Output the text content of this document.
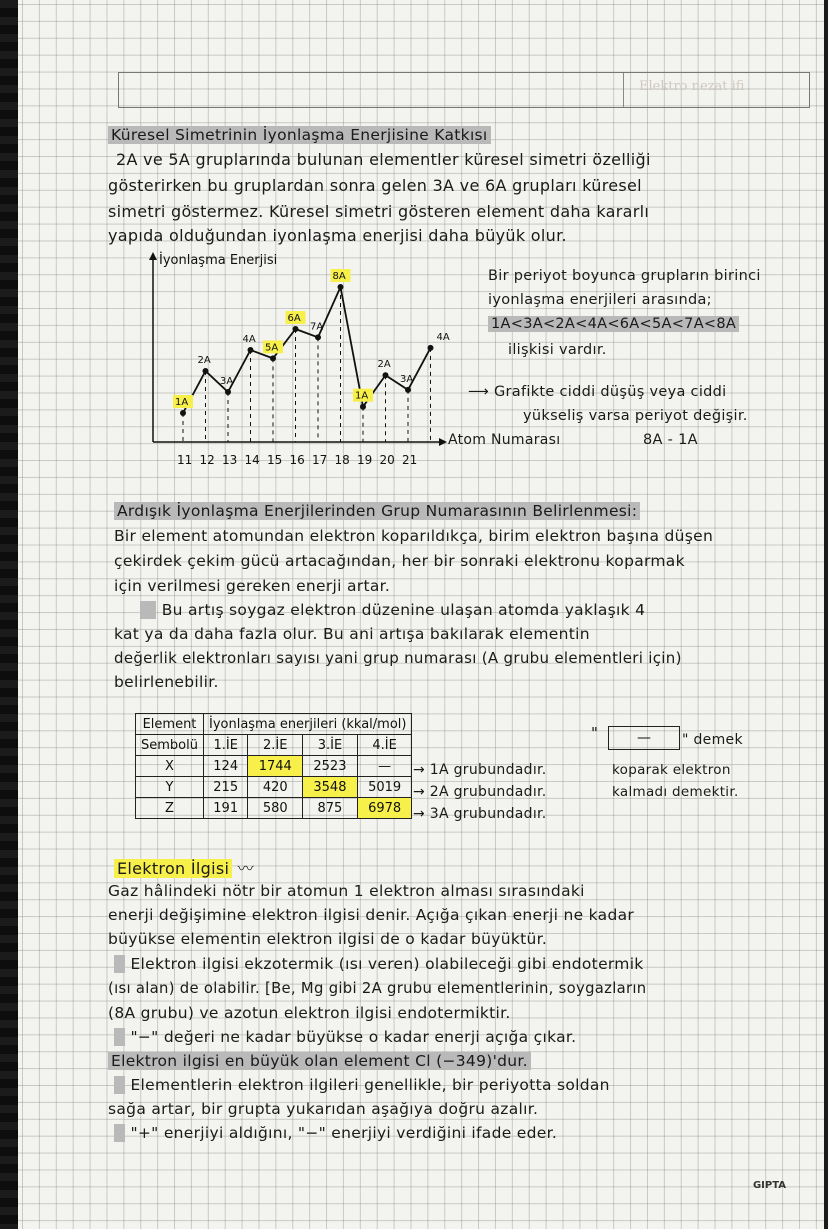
Elektro nezat ifi
Küresel Simetrinin İyonlaşma Enerjisine Katkısı
2A ve 5A gruplarında bulunan elementler küresel simetri özelliği
gösterirken bu gruplardan sonra gelen 3A ve 6A grupları küresel
simetri göstermez. Küresel simetri gösteren element daha kararlı
yapıda olduğundan iyonlaşma enerjisi daha büyük olur.
İyonlaşma Enerjisi
1A
2A
3A
4A
5A
6A
7A
8A
1A
2A
3A
4A
11 12 13 14 15 16 17 18 19 20 21
Atom Numarası
Bir periyot boyunca grupların birinci
iyonlaşma enerjileri arasında;
1A<3A<2A<4A<6A<5A<7A<8A
ilişkisi vardır.
⟶ Grafikte ciddi düşüş veya ciddi
yükseliş varsa periyot değişir.
8A - 1A
Ardışık İyonlaşma Enerjilerinden Grup Numarasının Belirlenmesi:
Bir element atomundan elektron koparıldıkça, birim elektron başına düşen
çekirdek çekim gücü artacağından, her bir sonraki elektronu koparmak
için verilmesi gereken enerji artar.
Bu artış soygaz elektron düzenine ulaşan atomda yaklaşık 4
kat ya da daha fazla olur. Bu ani artışa bakılarak elementin
değerlik elektronları sayısı yani grup numarası (A grubu elementleri için)
belirlenebilir.
Element	İyonlaşma enerjileri (kkal/mol)			
Sembolü	1.İE	2.İE	3.İE	4.İE
X	124	1744	2523	—
Y	215	420	3548	5019
Z	191	580	875	6978
→ 1A grubundadır.
→ 2A grubundadır.
→ 3A grubundadır.
"	—	" demek
koparak elektron
kalmadı demektir.
Elektron İlgisi 〰
Gaz hâlindeki nötr bir atomun 1 elektron alması sırasındaki
enerji değişimine elektron ilgisi denir. Açığa çıkan enerji ne kadar
büyükse elementin elektron ilgisi de o kadar büyüktür.
Elektron ilgisi ekzotermik (ısı veren) olabileceği gibi endotermik
(ısı alan) de olabilir. [Be, Mg gibi 2A grubu elementlerinin, soygazların
(8A grubu) ve azotun elektron ilgisi endotermiktir.
"−" değeri ne kadar büyükse o kadar enerji açığa çıkar.
Elektron ilgisi en büyük olan element Cl (−349)'dur.
Elementlerin elektron ilgileri genellikle, bir periyotta soldan
sağa artar, bir grupta yukarıdan aşağıya doğru azalır.
"+" enerjiyi aldığını, "−" enerjiyi verdiğini ifade eder.
GIPTA
